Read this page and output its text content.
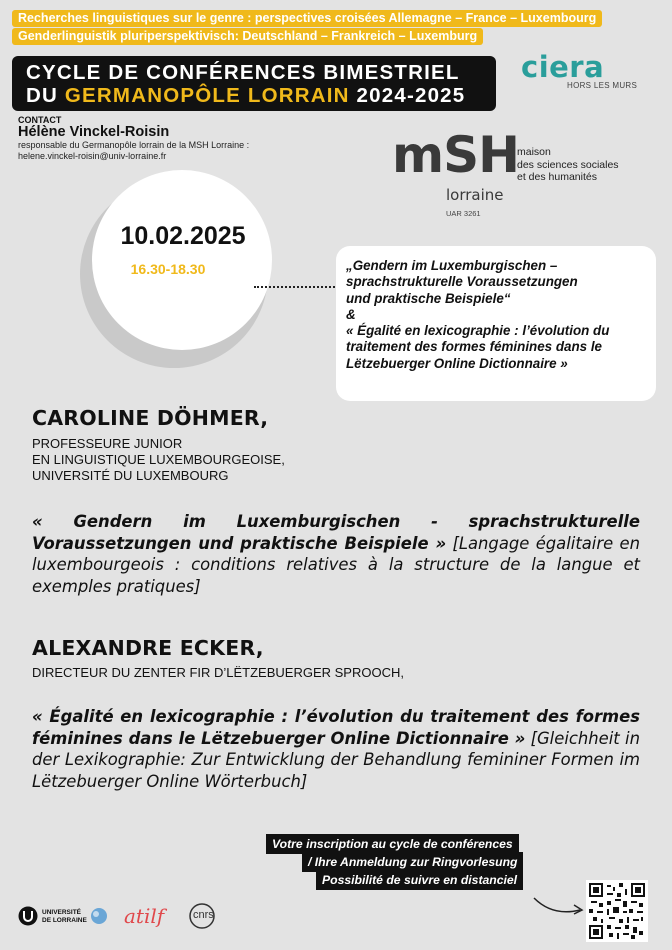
Recherches linguistiques sur le genre : perspectives croisées Allemagne – France – Luxembourg
Genderlinguistik pluriperspektivisch: Deutschland – Frankreich – Luxemburg
CYCLE DE CONFÉRENCES BIMESTRIEL
DU GERMANOPÔLE LORRAIN 2024-2025
ciera
HORS LES MURS
CONTACT
Hélène Vinckel-Roisin
responsable du Germanopôle lorrain de la MSH Lorraine :
helene.vinckel-roisin@univ-lorraine.fr	mSH
lorraine
maison
des sciences sociales
et des humanités
UAR 3261
10.02.2025
16.30-18.30	„Gendern im Luxemburgischen –
sprachstrukturelle Voraussetzungen
und praktische Beispiele“
&
« Égalité en lexicographie : l’évolution du
traitement des formes féminines dans le
Lëtzebuerger Online Dictionnaire »
CAROLINE DÖHMER,
PROFESSEURE JUNIOR
EN LINGUISTIQUE LUXEMBOURGEOISE,
UNIVERSITÉ DU LUXEMBOURG
« Gendern im Luxemburgischen - sprachstrukturelle Voraussetzungen und praktische Beispiele » [Langage égalitaire en luxembourgeois : conditions relatives à la structure de la langue et exemples pratiques]
ALEXANDRE ECKER,
DIRECTEUR DU ZENTER FIR D’LËTZEBUERGER SPROOCH,
« Égalité en lexicographie : l’évolution du traitement des formes féminines dans le Lëtzebuerger Online Dictionnaire » [Gleichheit in der Lexikographie: Zur Entwicklung der Behandlung femininer Formen im Lëtzebuerger Online Wörterbuch]
Votre inscription au cycle de conférences
/ Ihre Anmeldung zur Ringvorlesung
Possibilité de suivre en distanciel
UNIVERSITÉ
DE LORRAINE atilf	cnrs
